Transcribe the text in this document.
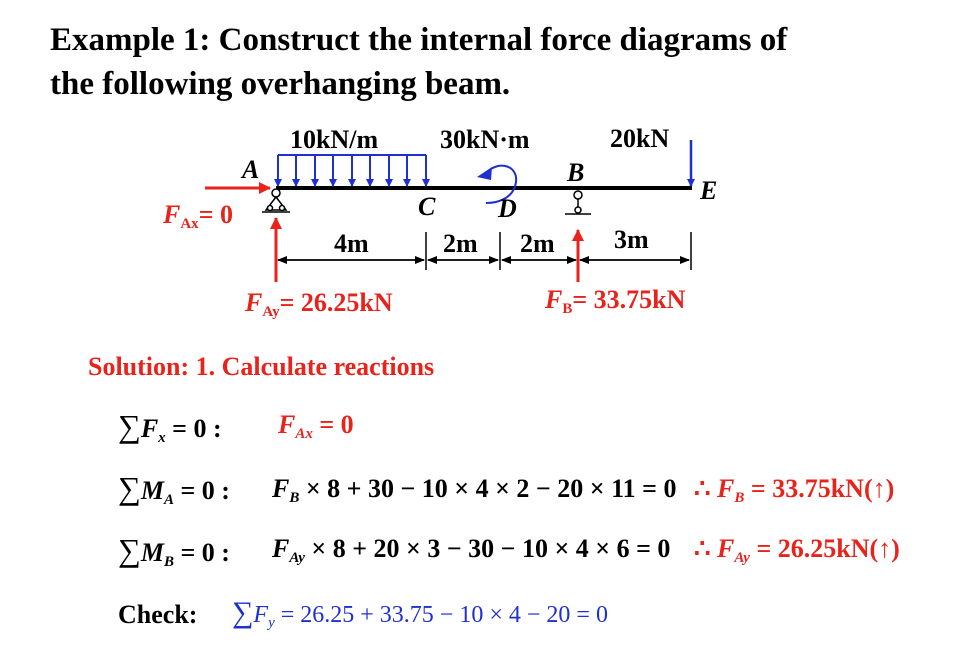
Example 1: Construct the internal force diagrams of
the following overhanging beam.
10kN/m 30kN·m	20kN
A	B
C D
E
4m	2m 2m 3m
$F_{Ax}= 0$
$F_{Ay}= 26.25kN$	$F_B= 33.75kN$
Solution: 1. Calculate reactions
$\sum F_x = 0$ : $F_{Ax} = 0$
$\sum M_A = 0$ : $F_B \times 8 + 30 - 10 \times 4 \times 2 - 20 \times 11 = 0$ ∴ $F_B$ = 33.75kN(↑)
$\sum M_B = 0$ : $F_{Ay} \times 8 + 20 \times 3 - 30 - 10 \times 4 \times 6 = 0$ ∴ $F_{Ay}$ = 26.25kN(↑)
Check: $\sum F_y = 26.25 + 33.75 - 10 \times 4 - 20 = 0$
